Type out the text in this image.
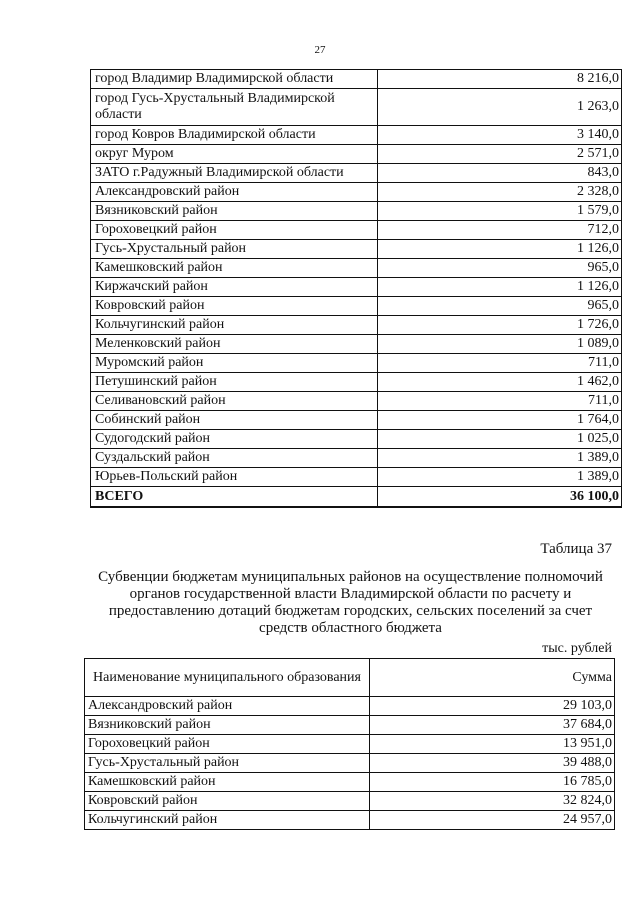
27
город Владимир Владимирской области	8 216,0
город Гусь-Хрустальный Владимирской области	1 263,0
город Ковров Владимирской области	3 140,0
округ Муром	2 571,0
ЗАТО г.Радужный Владимирской области	843,0
Александровский район	2 328,0
Вязниковский район	1 579,0
Гороховецкий район	712,0
Гусь-Хрустальный район	1 126,0
Камешковский район	965,0
Киржачский район	1 126,0
Ковровский район	965,0
Кольчугинский район	1 726,0
Меленковский район	1 089,0
Муромский район	711,0
Петушинский район	1 462,0
Селивановский район	711,0
Собинский район	1 764,0
Судогодский район	1 025,0
Суздальский район	1 389,0
Юрьев-Польский район	1 389,0
ВСЕГО	36 100,0
Таблица 37
Субвенции бюджетам муниципальных районов на осуществление полномочий
органов государственной власти Владимирской области по расчету и
предоставлению дотаций бюджетам городских, сельских поселений за счет
средств областного бюджета
тыс. рублей
Наименование муниципального образования	Сумма
Александровский район	29 103,0
Вязниковский район	37 684,0
Гороховецкий район	13 951,0
Гусь-Хрустальный район	39 488,0
Камешковский район	16 785,0
Ковровский район	32 824,0
Кольчугинский район	24 957,0
